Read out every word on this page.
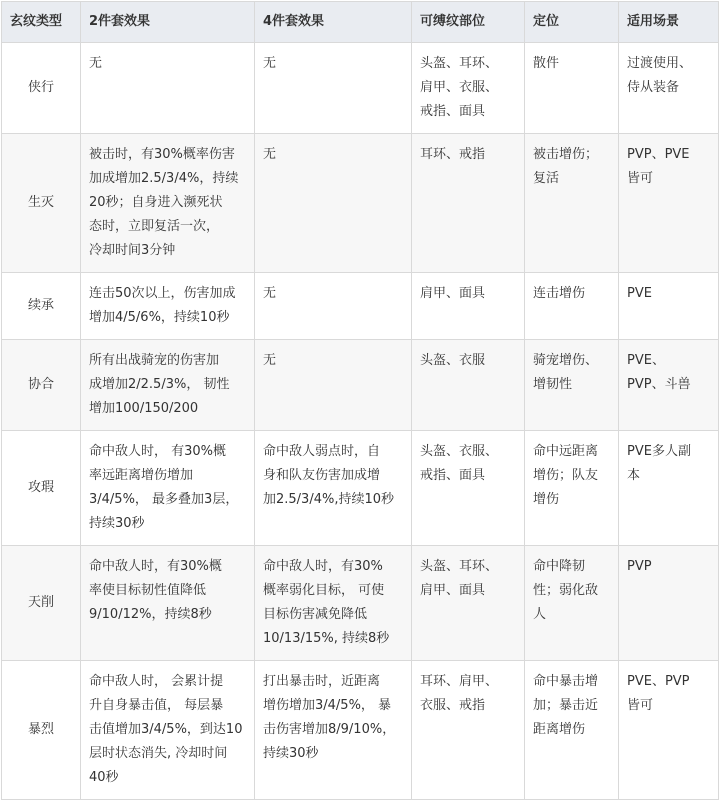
玄纹类型	2件套效果	4件套效果	可缚纹部位	定位	适用场景
侠行	无	无	头盔、耳环、
肩甲、衣服、
戒指、面具	散件	过渡使用、
侍从装备

生灭	被击时，有30%概率伤害
加成增加2.5/3/4%，持续
20秒；自身进入濒死状
态时，立即复活一次，
冷却时间3分钟	无	耳环、戒指	被击增伤；
复活	PVP、PVE
皆可

续承	连击50次以上，伤害加成
增加4/5/6%，持续10秒	无	肩甲、面具	连击增伤	PVE

协合	所有出战骑宠的伤害加
成增加2/2.5/3%， 韧性
增加100/150/200	无	头盔、衣服	骑宠增伤、
增韧性	PVE、
PVP、斗兽

攻瑕	命中敌人时， 有30%概
率远距离增伤增加
3/4/5%， 最多叠加3层，
持续30秒	命中敌人弱点时，自
身和队友伤害加成增
加2.5/3/4%,持续10秒	头盔、衣服、
戒指、面具	命中远距离
增伤；队友
增伤	PVE多人副
本

天削	命中敌人时，有30%概
率使目标韧性值降低
9/10/12%，持续8秒	命中敌人时，有30%
概率弱化目标， 可使
目标伤害减免降低
10/13/15%, 持续8秒	头盔、耳环、
肩甲、面具	命中降韧
性；弱化敌
人	PVP

暴烈	命中敌人时， 会累计提
升自身暴击值， 每层暴
击值增加3/4/5%，到达10
层时状态消失, 冷却时间
40秒	打出暴击时，近距离
增伤增加3/4/5%， 暴
击伤害增加8/9/10%，
持续30秒	耳环、肩甲、
衣服、戒指	命中暴击增
加；暴击近
距离增伤	PVE、PVP
皆可
